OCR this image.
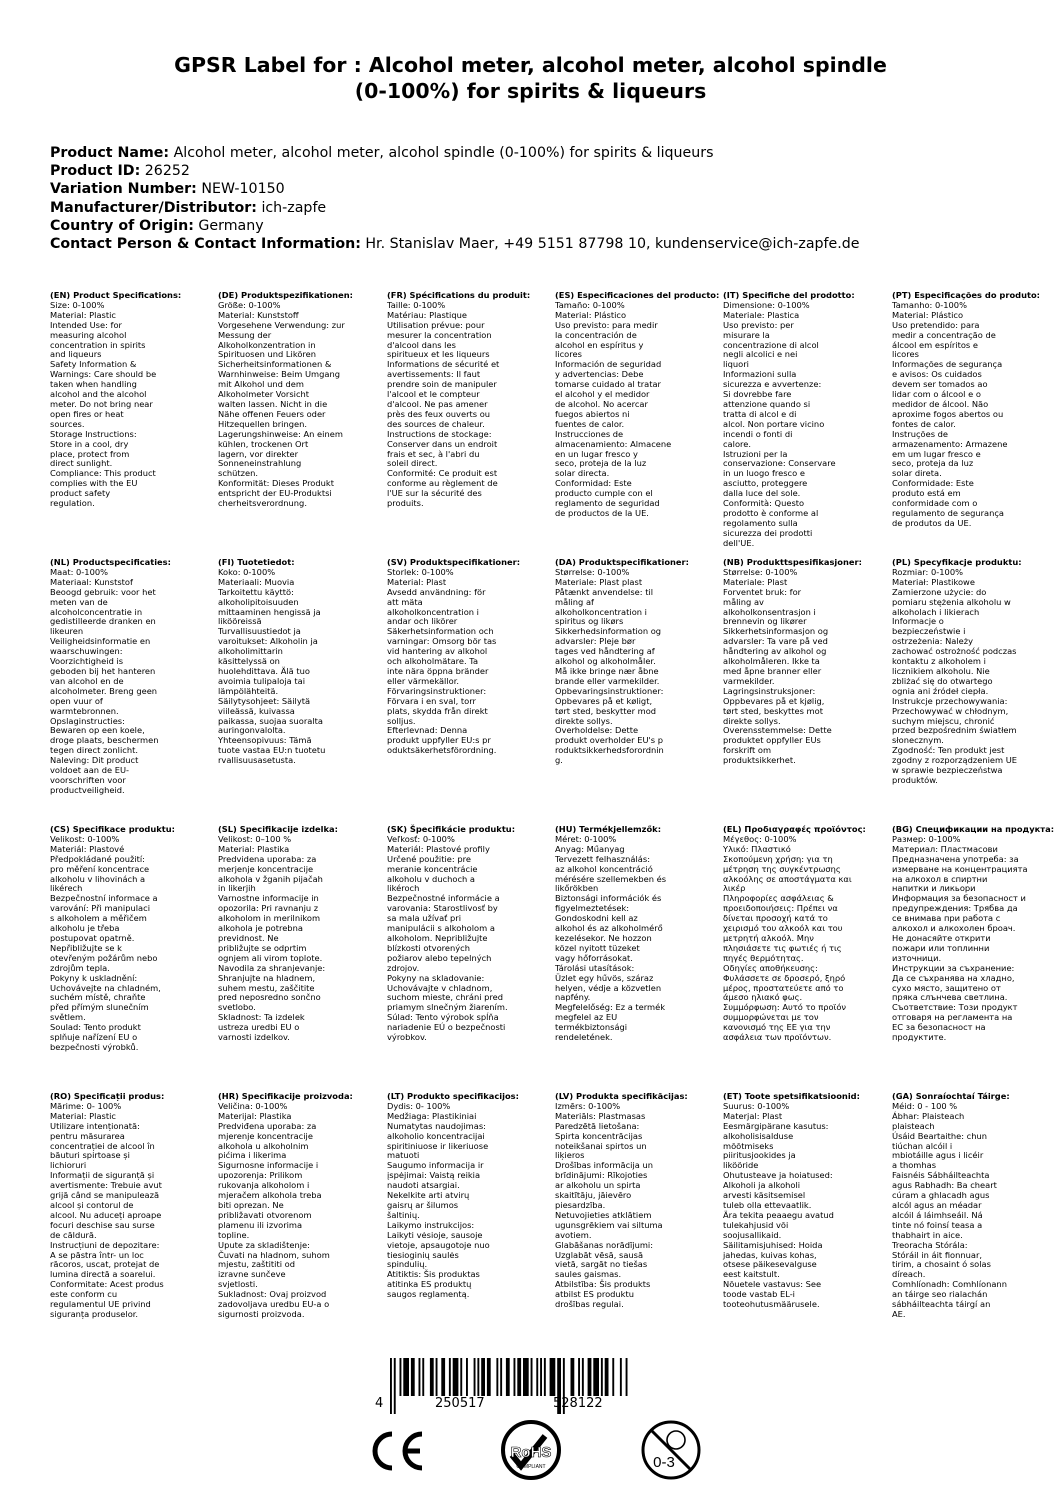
GPSR Label for : Alcohol meter, alcohol meter, alcohol spindle
(0-100%) for spirits & liqueurs
Product Name: Alcohol meter, alcohol meter, alcohol spindle (0-100%) for spirits & liqueurs
Product ID: 26252
Variation Number: NEW-10150
Manufacturer/Distributor: ich-zapfe
Country of Origin: Germany
Contact Person & Contact Information: Hr. Stanislav Maer, +49 5151 87798 10, kundenservice@ich-zapfe.de
(EN) Product Specifications:
Size: 0-100%
Material: Plastic
Intended Use: for
measuring alcohol
concentration in spirits
and liqueurs
Safety Information &
Warnings: Care should be
taken when handling
alcohol and the alcohol
meter. Do not bring near
open fires or heat
sources.
Storage Instructions:
Store in a cool, dry
place, protect from
direct sunlight.
Compliance: This product
complies with the EU
product safety
regulation.
(DE) Produktspezifikationen:
Größe: 0-100%
Material: Kunststoff
Vorgesehene Verwendung: zur
Messung der
Alkoholkonzentration in
Spirituosen und Likören
Sicherheitsinformationen &
Warnhinweise: Beim Umgang
mit Alkohol und dem
Alkoholmeter Vorsicht
walten lassen. Nicht in die
Nähe offenen Feuers oder
Hitzequellen bringen.
Lagerungshinweise: An einem
kühlen, trockenen Ort
lagern, vor direkter
Sonneneinstrahlung
schützen.
Konformität: Dieses Produkt
entspricht der EU-Produktsi
cherheitsverordnung.
(FR) Spécifications du produit:
Taille: 0-100%
Matériau: Plastique
Utilisation prévue: pour
mesurer la concentration
d'alcool dans les
spiritueux et les liqueurs
Informations de sécurité et
avertissements: Il faut
prendre soin de manipuler
l'alcool et le compteur
d'alcool. Ne pas amener
près des feux ouverts ou
des sources de chaleur.
Instructions de stockage:
Conserver dans un endroit
frais et sec, à l'abri du
soleil direct.
Conformité: Ce produit est
conforme au règlement de
l'UE sur la sécurité des
produits.
(ES) Especificaciones del producto:
Tamaño: 0-100%
Material: Plástico
Uso previsto: para medir
la concentración de
alcohol en espíritus y
licores
Información de seguridad
y advertencias: Debe
tomarse cuidado al tratar
el alcohol y el medidor
de alcohol. No acercar
fuegos abiertos ni
fuentes de calor.
Instrucciones de
almacenamiento: Almacene
en un lugar fresco y
seco, proteja de la luz
solar directa.
Conformidad: Este
producto cumple con el
reglamento de seguridad
de productos de la UE.
(IT) Specifiche del prodotto:
Dimensione: 0-100%
Materiale: Plastica
Uso previsto: per
misurare la
concentrazione di alcol
negli alcolici e nei
liquori
Informazioni sulla
sicurezza e avvertenze:
Si dovrebbe fare
attenzione quando si
tratta di alcol e di
alcol. Non portare vicino
incendi o fonti di
calore.
Istruzioni per la
conservazione: Conservare
in un luogo fresco e
asciutto, proteggere
dalla luce del sole.
Conformità: Questo
prodotto è conforme al
regolamento sulla
sicurezza dei prodotti
dell'UE.
(PT) Especificações do produto:
Tamanho: 0-100%
Material: Plástico
Uso pretendido: para
medir a concentração de
álcool em espíritos e
licores
Informações de segurança
e avisos: Os cuidados
devem ser tomados ao
lidar com o álcool e o
medidor de álcool. Não
aproxime fogos abertos ou
fontes de calor.
Instruções de
armazenamento: Armazene
em um lugar fresco e
seco, proteja da luz
solar direta.
Conformidade: Este
produto está em
conformidade com o
regulamento de segurança
de produtos da UE.
(NL) Productspecificaties:
Maat: 0-100%
Materiaal: Kunststof
Beoogd gebruik: voor het
meten van de
alcoholconcentratie in
gedistilleerde dranken en
likeuren
Veiligheidsinformatie en
waarschuwingen:
Voorzichtigheid is
geboden bij het hanteren
van alcohol en de
alcoholmeter. Breng geen
open vuur of
warmtebronnen.
Opslaginstructies:
Bewaren op een koele,
droge plaats, beschermen
tegen direct zonlicht.
Naleving: Dit product
voldoet aan de EU-
voorschriften voor
productveiligheid.
(FI) Tuotetiedot:
Koko: 0-100%
Materiaali: Muovia
Tarkoitettu käyttö:
alkoholipitoisuuden
mittaaminen hengissä ja
likööreissä
Turvallisuustiedot ja
varoitukset: Alkoholin ja
alkoholimittarin
käsittelyssä on
huolehdittava. Älä tuo
avoimia tulipaloja tai
lämpölähteitä.
Säilytysohjeet: Säilytä
viileässä, kuivassa
paikassa, suojaa suoralta
auringonvalolta.
Yhteensopivuus: Tämä
tuote vastaa EU:n tuotetu
rvallisuusasetusta.
(SV) Produktspecifikationer:
Storlek: 0-100%
Material: Plast
Avsedd användning: för
att mäta
alkoholkoncentration i
andar och likörer
Säkerhetsinformation och
varningar: Omsorg bör tas
vid hantering av alkohol
och alkoholmätare. Ta
inte nära öppna bränder
eller värmekällor.
Förvaringsinstruktioner:
Förvara i en sval, torr
plats, skydda från direkt
solljus.
Efterlevnad: Denna
produkt uppfyller EU:s pr
oduktsäkerhetsförordning.
(DA) Produktspecifikationer:
Størrelse: 0-100%
Materiale: Plast plast
Påtænkt anvendelse: til
måling af
alkoholkoncentration i
spiritus og likørs
Sikkerhedsinformation og
advarsler: Pleje bør
tages ved håndtering af
alkohol og alkoholmåler.
Må ikke bringe nær åbne
brande eller varmekilder.
Opbevaringsinstruktioner:
Opbevares på et køligt,
tørt sted, beskytter mod
direkte sollys.
Overholdelse: Dette
produkt overholder EU's p
roduktsikkerhedsforordnin
g.
(NB) Produkttspesifikasjoner:
Størrelse: 0-100%
Materiale: Plast
Forventet bruk: for
måling av
alkoholkonsentrasjon i
brennevin og likører
Sikkerhetsinformasjon og
advarsler: Ta vare på ved
håndtering av alkohol og
alkoholmåleren. Ikke ta
med åpne branner eller
varmekilder.
Lagringsinstruksjoner:
Oppbevares på et kjølig,
tørt sted, beskyttes mot
direkte sollys.
Overensstemmelse: Dette
produktet oppfyller EUs
forskrift om
produktsikkerhet.
(PL) Specyfikacje produktu:
Rozmiar: 0-100%
Materiał: Plastikowe
Zamierzone użycie: do
pomiaru stężenia alkoholu w
alkoholach i likierach
Informacje o
bezpieczeństwie i
ostrzeżenia: Należy
zachować ostrożność podczas
kontaktu z alkoholem i
licznikiem alkoholu. Nie
zbliżać się do otwartego
ognia ani źródeł ciepła.
Instrukcje przechowywania:
Przechowywać w chłodnym,
suchym miejscu, chronić
przed bezpośrednim światłem
słonecznym.
Zgodność: Ten produkt jest
zgodny z rozporządzeniem UE
w sprawie bezpieczeństwa
produktów.
(CS) Specifikace produktu:
Velikost: 0-100%
Materiál: Plastové
Předpokládané použití:
pro měření koncentrace
alkoholu v lihovinách a
likérech
Bezpečnostní informace a
varování: Při manipulaci
s alkoholem a měřičem
alkoholu je třeba
postupovat opatrně.
Nepřibližujte se k
otevřeným požárům nebo
zdrojům tepla.
Pokyny k uskladnění:
Uchovávejte na chladném,
suchém místě, chraňte
před přímým slunečním
světlem.
Soulad: Tento produkt
splňuje nařízení EU o
bezpečnosti výrobků.
(SL) Specifikacije izdelka:
Velikost: 0–100 %
Material: Plastika
Predvidena uporaba: za
merjenje koncentracije
alkohola v žganih pijačah
in likerjih
Varnostne informacije in
opozorila: Pri ravnanju z
alkoholom in merilnikom
alkohola je potrebna
previdnost. Ne
približujte se odprtim
ognjem ali virom toplote.
Navodila za shranjevanje:
Shranjujte na hladnem,
suhem mestu, zaščitite
pred neposredno sončno
svetlobo.
Skladnost: Ta izdelek
ustreza uredbi EU o
varnosti izdelkov.
(SK) Špecifikácie produktu:
Veľkosť: 0-100%
Materiál: Plastové profily
Určené použitie: pre
meranie koncentrácie
alkoholu v duchoch a
likéroch
Bezpečnostné informácie a
varovania: Starostlivosť by
sa mala užívať pri
manipulácii s alkoholom a
alkoholom. Nepribližujte
blízkosti otvorených
požiarov alebo tepelných
zdrojov.
Pokyny na skladovanie:
Uchovávajte v chladnom,
suchom mieste, chráni pred
priamym slnečným žiarením.
Súlad: Tento výrobok spĺňa
nariadenie EÚ o bezpečnosti
výrobkov.
(HU) Termékjellemzők:
Méret: 0-100%
Anyag: Műanyag
Tervezett felhasználás:
az alkohol koncentráció
mérésére szellemekben és
likőrökben
Biztonsági információk és
figyelmeztetések:
Gondoskodni kell az
alkohol és az alkoholmérő
kezelésekor. Ne hozzon
közel nyitott tüzeket
vagy hőforrásokat.
Tárolási utasítások:
Üzlet egy hűvös, száraz
helyen, védje a közvetlen
napfény.
Megfelelőség: Ez a termék
megfelel az EU
termékbiztonsági
rendeletének.
(EL) Προδιαγραφές προϊόντος:
Μέγεθος: 0-100%
Υλικό: Πλαστικό
Σκοπούμενη χρήση: για τη
μέτρηση της συγκέντρωσης
αλκοόλης σε αποστάγματα και
λικέρ
Πληροφορίες ασφάλειας &
προειδοποιήσεις: Πρέπει να
δίνεται προσοχή κατά το
χειρισμό του αλκοόλ και του
μετρητή αλκοόλ. Μην
πλησιάσετε τις φωτιές ή τις
πηγές θερμότητας.
Οδηγίες αποθήκευσης:
Φυλάσσετε σε δροσερό, ξηρό
μέρος, προστατεύετε από το
άμεσο ηλιακό φως.
Συμμόρφωση: Αυτό το προϊόν
συμμορφώνεται με τον
κανονισμό της ΕΕ για την
ασφάλεια των προϊόντων.
(BG) Спецификации на продукта:
Размер: 0-100%
Материал: Пластмасови
Предназначена употреба: за
измерване на концентрацията
на алкохол в спиртни
напитки и ликьори
Информация за безопасност и
предупреждения: Трябва да
се внимава при работа с
алкохол и алкохолен броач.
Не донасяйте открити
пожари или топлинни
източници.
Инструкции за съхранение:
Да се съхранява на хладно,
сухо място, защитено от
пряка слънчева светлина.
Съответствие: Този продукт
отговаря на регламента на
ЕС за безопасност на
продуктите.
(RO) Specificații produs:
Mărime: 0- 100%
Material: Plastic
Utilizare intenționată:
pentru măsurarea
concentrației de alcool în
băuturi spirtoase și
lichioruri
Informații de siguranță și
avertismente: Trebuie avut
grijă când se manipulează
alcool și contorul de
alcool. Nu aduceți aproape
focuri deschise sau surse
de căldură.
Instrucțiuni de depozitare:
A se păstra într- un loc
răcoros, uscat, protejat de
lumina directă a soarelui.
Conformitate: Acest produs
este conform cu
regulamentul UE privind
siguranța produselor.
(HR) Specifikacije proizvoda:
Veličina: 0-100%
Materijal: Plastika
Predviđena uporaba: za
mjerenje koncentracije
alkohola u alkoholnim
pićima i likerima
Sigurnosne informacije i
upozorenja: Prilikom
rukovanja alkoholom i
mjeračem alkohola treba
biti oprezan. Ne
približavati otvorenom
plamenu ili izvorima
topline.
Upute za skladištenje:
Čuvati na hladnom, suhom
mjestu, zaštititi od
izravne sunčeve
svjetlosti.
Sukladnost: Ovaj proizvod
zadovoljava uredbu EU-a o
sigurnosti proizvoda.
(LT) Produkto specifikacijos:
Dydis: 0- 100%
Medžiaga: Plastikiniai
Numatytas naudojimas:
alkoholio koncentracijai
spiritiniuose ir likeriuose
matuoti
Saugumo informacija ir
įspėjimai: Vaistą reikia
naudoti atsargiai.
Nekelkite arti atvirų
gaisrų ar šilumos
šaltinių.
Laikymo instrukcijos:
Laikyti vėsioje, sausoje
vietoje, apsaugotoje nuo
tiesioginių saulės
spindulių.
Atitiktis: Šis produktas
atitinka ES produktų
saugos reglamentą.
(LV) Produkta specifikācijas:
Izmērs: 0-100%
Materiāls: Plastmasas
Paredzētā lietošana:
Spirta koncentrācijas
noteikšanai spirtos un
liķieros
Drošības informācija un
brīdinājumi: Rīkojoties
ar alkoholu un spirta
skaitītāju, jāievēro
piesardzība.
Netuvojieties atklātiem
ugunsgrēkiem vai siltuma
avotiem.
Glabāšanas norādījumi:
Uzglabāt vēsā, sausā
vietā, sargāt no tiešas
saules gaismas.
Atbilstība: Šis produkts
atbilst ES produktu
drošības regulai.
(ET) Toote spetsifikatsioonid:
Suurus: 0-100%
Materjal: Plast
Eesmärgipärane kasutus:
alkoholisisalduse
mõõtmiseks
piiritusjookides ja
likööride
Ohutusteave ja hoiatused:
Alkoholi ja alkoholi
arvesti käsitsemisel
tuleb olla ettevaatlik.
Ära tekita peaaegu avatud
tulekahjusid või
soojusallikaid.
Säilitamisjuhised: Hoida
jahedas, kuivas kohas,
otsese päikesevalguse
eest kaitstult.
Nõuetele vastavus: See
toode vastab EL-i
tooteohutusmäärusele.
(GA) Sonraíochtaí Táirge:
Méid: 0 - 100 %
Ábhar: Plaisteach
plaisteach
Úsáid Beartaithe: chun
tiúchan alcóil i
mbiotáille agus i licéir
a thomhas
Faisnéis Sábháilteachta
agus Rabhadh: Ba cheart
cúram a ghlacadh agus
alcól agus an méadar
alcóil á láimhseáil. Ná
tinte nó foinsí teasa a
thabhairt in aice.
Treoracha Stórála:
Stóráil in áit fionnuar,
tirim, a chosaint ó solas
díreach.
Comhlíonadh: Comhlíonann
an táirge seo rialachán
sábháilteachta táirgí an
AE.
4	250517	528122
RoHS
COMPLIANT	0-3
